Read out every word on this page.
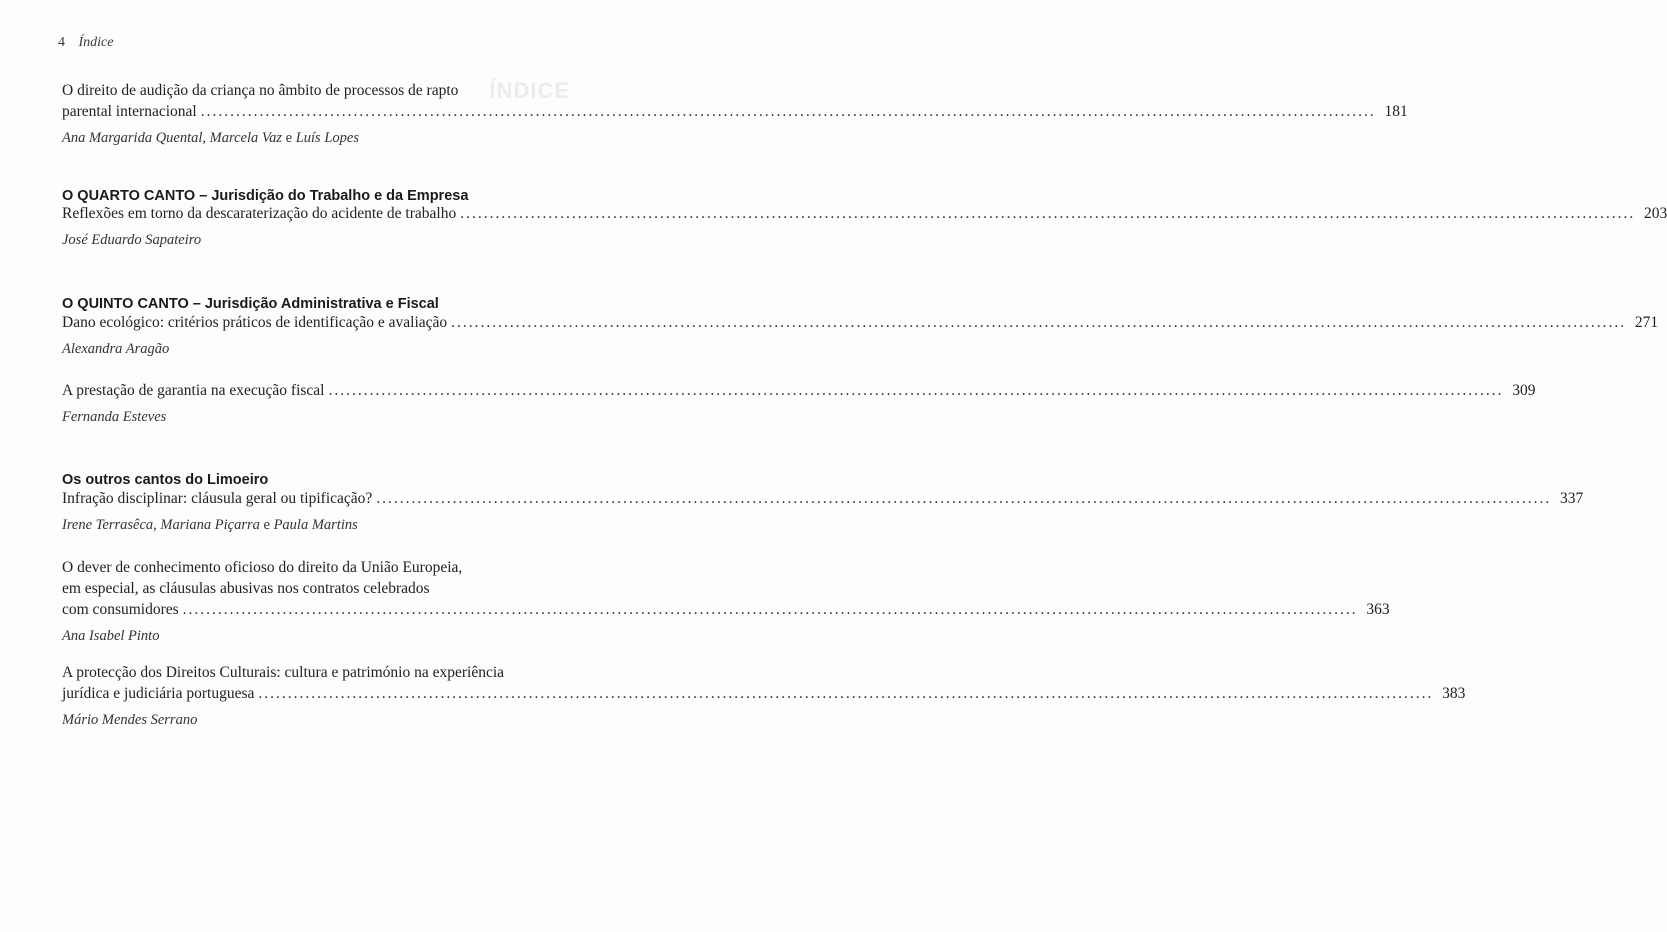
ÍNDICE
4 Índice
O direito de audição da criança no âmbito de processos de rapto
parental internacional ........................................................................................................................................................................................................ 181
Ana Margarida Quental, Marcela Vaz e Luís Lopes
O QUARTO CANTO – Jurisdição do Trabalho e da Empresa
Reflexões em torno da descaraterização do acidente de trabalho ........................................................................................................................................................................................................ 203
José Eduardo Sapateiro
O QUINTO CANTO – Jurisdição Administrativa e Fiscal
Dano ecológico: critérios práticos de identificação e avaliação ........................................................................................................................................................................................................ 271
Alexandra Aragão
A prestação de garantia na execução fiscal ........................................................................................................................................................................................................ 309
Fernanda Esteves
Os outros cantos do Limoeiro
Infração disciplinar: cláusula geral ou tipificação? ........................................................................................................................................................................................................ 337
Irene Terrasêca, Mariana Piçarra e Paula Martins
O dever de conhecimento oficioso do direito da União Europeia,
em especial, as cláusulas abusivas nos contratos celebrados
com consumidores ........................................................................................................................................................................................................ 363
Ana Isabel Pinto
A protecção dos Direitos Culturais: cultura e património na experiência
jurídica e judiciária portuguesa ........................................................................................................................................................................................................ 383
Mário Mendes Serrano
